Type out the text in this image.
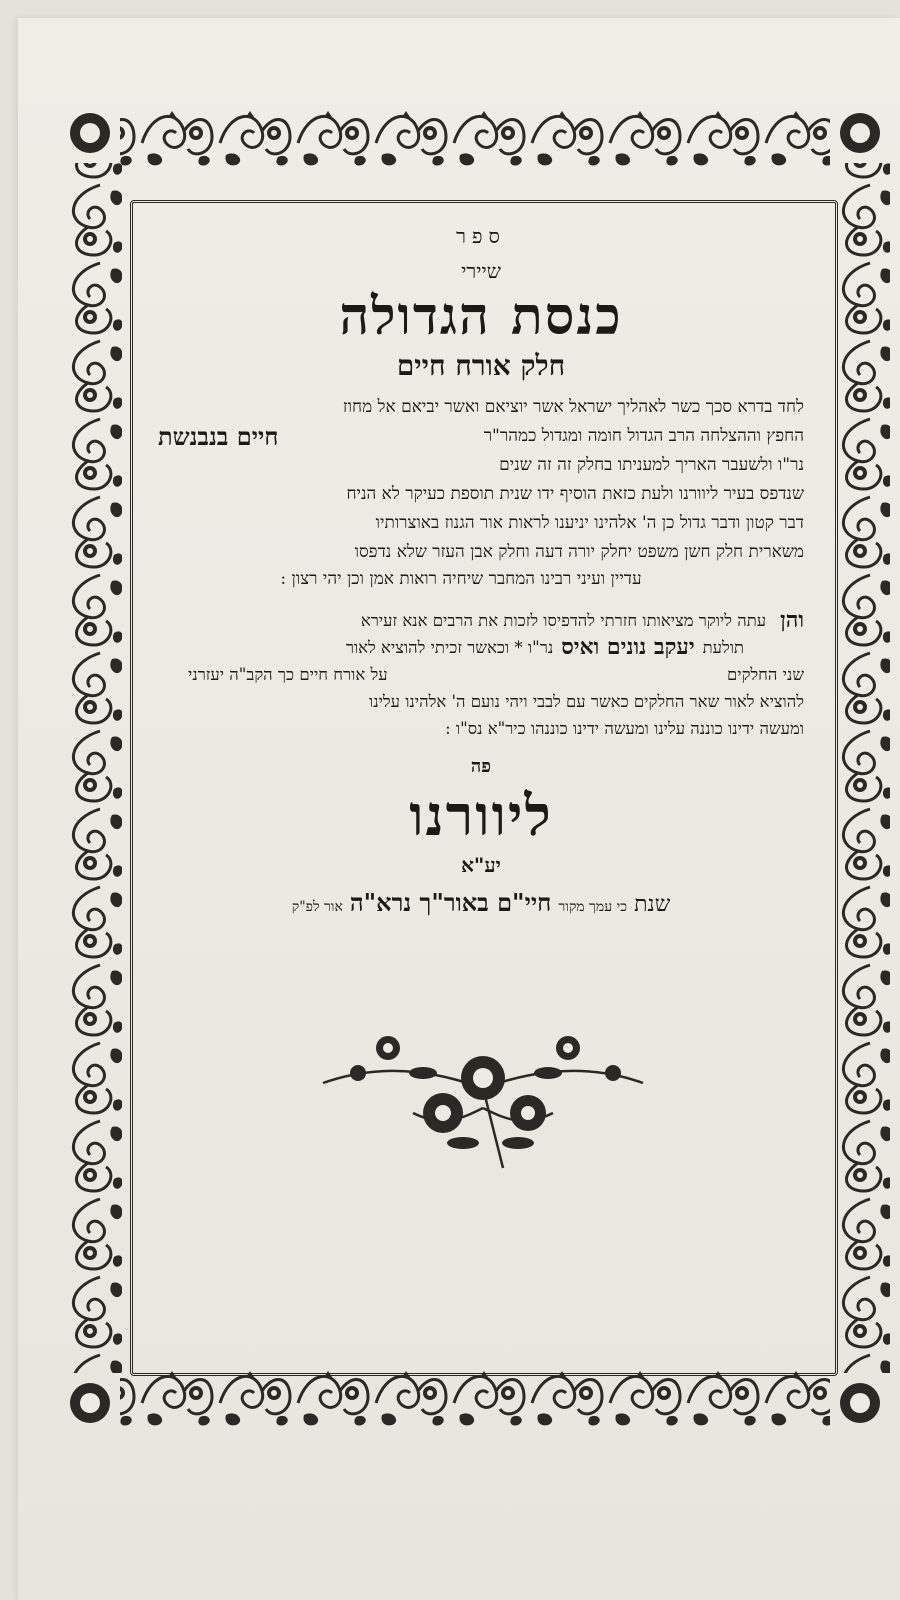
ספר

שיירי

כנסת הגדולה

חלק אורח חיים

לחד בדרא סכך כשר לאהליך ישראל אשר יוציאם ואשר יביאם אל מחוז
החפץ וההצלחה הרב הגדול חומה ומגדול כמהר"ר
חיים בנבנשת
נר"ו ולשעבר האריך למעניתו בחלק זה זה שנים
שנדפס בעיר ליוורנו ולעת כזאת הוסיף ידו שנית תוספת כעיקר לא הניח
דבר קטון ודבר גדול כן ה' אלהינו יניענו לראות אור הגנוז באוצרותיו
משארית חלק חשן משפט יחלק יורה דעה וחלק אבן העזר שלא נדפסו

עדיין ועיני רבינו המחבר שיחיה רואות אמן וכן יהי רצון :

והן
עתה ליוקר מציאותו חזרתי להדפיסו לזכות את הרבים אנא זעירא
תולעת
יעקב נונים ואיס
נר"ו * וכאשר זכיתי להוציא לאור
שני החלקים
על אורח חיים כך הקב"ה יעזרני
להוציא לאור שאר החלקים כאשר עם לבבי ויהי נועם ה' אלהינו עלינו
ומעשה ידינו כוננה עלינו ומעשה ידינו כוננהו כיר"א נס"ו :

פה

ליוורנו

יע"א

שנת כי עמך מקור חיי"ם באור"ך נרא"ה אור לפ"ק
